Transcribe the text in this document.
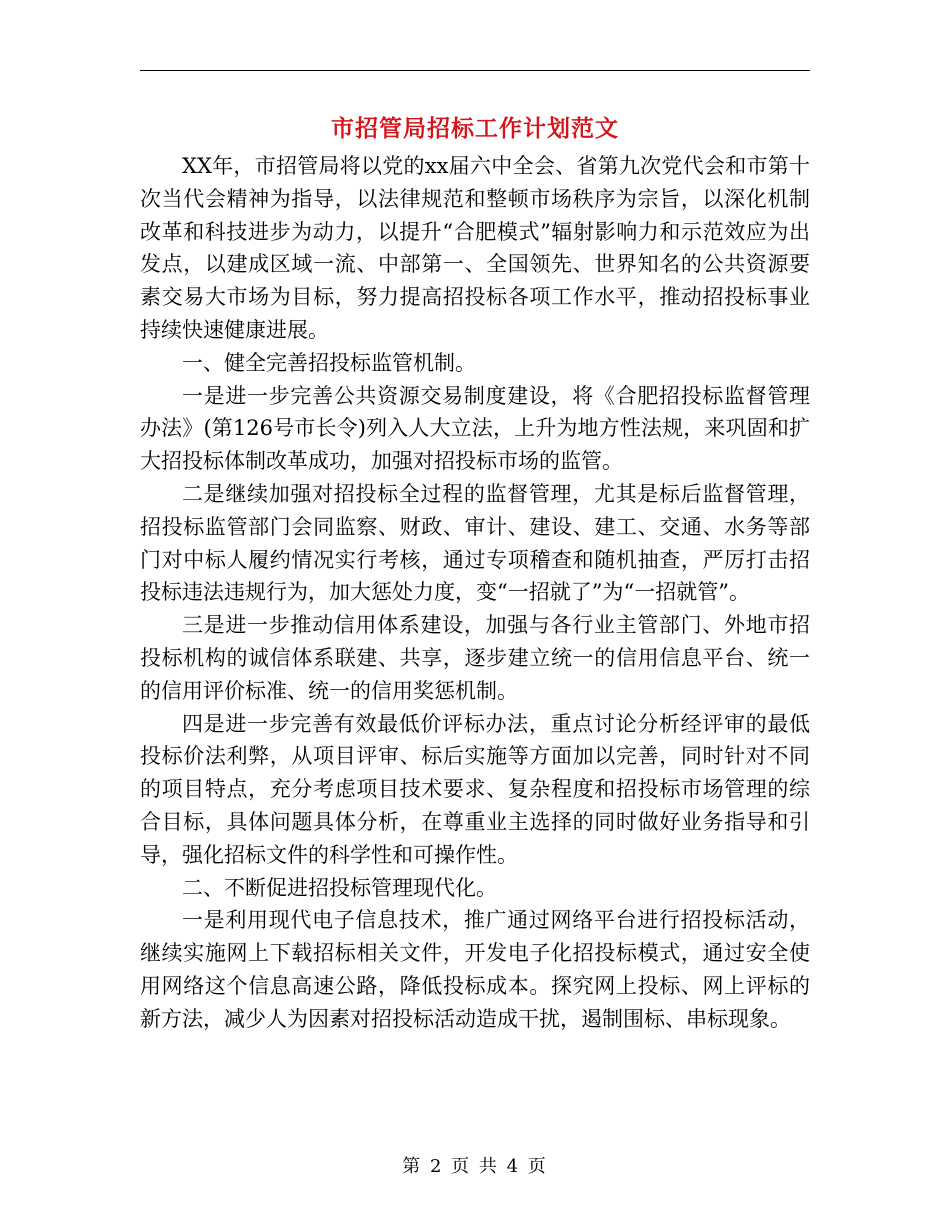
市招管局招标工作计划范文

XX年，市招管局将以党的xx届六中全会、省第九次党代会和市第十次当代会精神为指导，以法律规范和整顿市场秩序为宗旨，以深化机制改革和科技进步为动力，以提升“合肥模式”辐射影响力和示范效应为出发点，以建成区域一流、中部第一、全国领先、世界知名的公共资源要素交易大市场为目标，努力提高招投标各项工作水平，推动招投标事业持续快速健康进展。

一、健全完善招投标监管机制。

一是进一步完善公共资源交易制度建设，将《合肥招投标监督管理办法》(第126号市长令)列入人大立法，上升为地方性法规，来巩固和扩大招投标体制改革成功，加强对招投标市场的监管。

二是继续加强对招投标全过程的监督管理，尤其是标后监督管理，招投标监管部门会同监察、财政、审计、建设、建工、交通、水务等部门对中标人履约情况实行考核，通过专项稽查和随机抽查，严厉打击招投标违法违规行为，加大惩处力度，变“一招就了”为“一招就管”。

三是进一步推动信用体系建设，加强与各行业主管部门、外地市招投标机构的诚信体系联建、共享，逐步建立统一的信用信息平台、统一的信用评价标准、统一的信用奖惩机制。

四是进一步完善有效最低价评标办法，重点讨论分析经评审的最低投标价法利弊，从项目评审、标后实施等方面加以完善，同时针对不同的项目特点，充分考虑项目技术要求、复杂程度和招投标市场管理的综合目标，具体问题具体分析，在尊重业主选择的同时做好业务指导和引导，强化招标文件的科学性和可操作性。

二、不断促进招投标管理现代化。

一是利用现代电子信息技术，推广通过网络平台进行招投标活动，继续实施网上下载招标相关文件，开发电子化招投标模式，通过安全使用网络这个信息高速公路，降低投标成本。探究网上投标、网上评标的新方法，减少人为因素对招投标活动造成干扰，遏制围标、串标现象。

第 2 页 共 4 页
